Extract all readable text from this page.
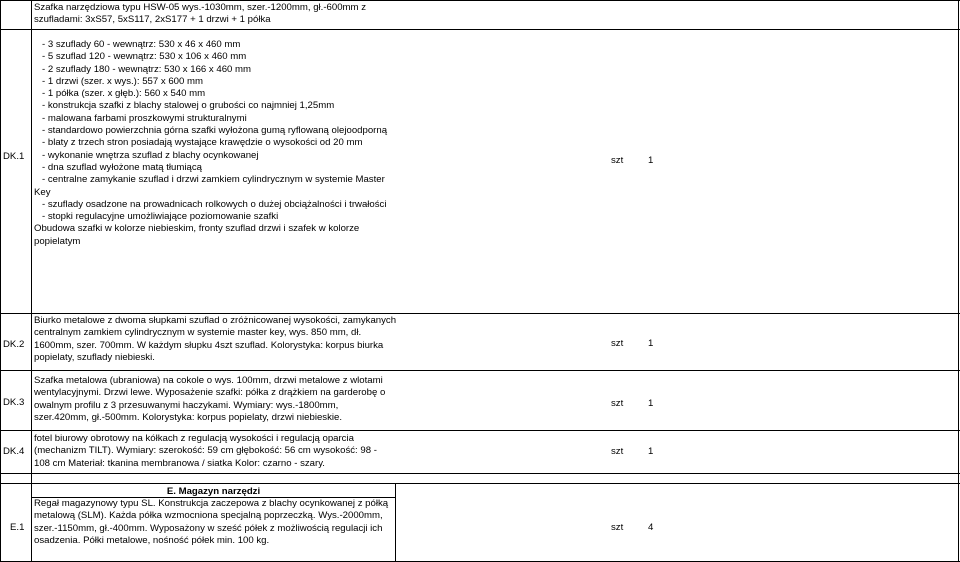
Szafka narzędziowa typu HSW-05 wys.-1030mm, szer.-1200mm, gł.-600mm z
szufladami: 3xS57, 5xS117, 2xS177 + 1 drzwi + 1 półka
DK.1
- 3 szuflady 60 - wewnątrz: 530 x 46 x 460 mm
- 5 szuflad 120 - wewnątrz: 530 x 106 x 460 mm
- 2 szuflady 180 - wewnątrz: 530 x 166 x 460 mm
- 1 drzwi (szer. x wys.): 557 x 600 mm
- 1 półka (szer. x głęb.): 560 x 540 mm
- konstrukcja szafki z blachy stalowej o grubości co najmniej 1,25mm
- malowana farbami proszkowymi strukturalnymi
- standardowo powierzchnia górna szafki wyłożona gumą ryflowaną olejoodporną
- blaty z trzech stron posiadają wystające krawędzie o wysokości od 20 mm
- wykonanie wnętrza szuflad z blachy ocynkowanej
- dna szuflad wyłożone matą tłumiącą
- centralne zamykanie szuflad i drzwi zamkiem cylindrycznym w systemie Master
Key
- szuflady osadzone na prowadnicach rolkowych o dużej obciążalności i trwałości
- stopki regulacyjne umożliwiające poziomowanie szafki
Obudowa szafki w kolorze niebieskim, fronty szuflad drzwi i szafek w kolorze
popielatym
szt	1
DK.2
Biurko metalowe z dwoma słupkami szuflad o zróżnicowanej wysokości, zamykanych
centralnym zamkiem cylindrycznym w systemie master key, wys. 850 mm, dł.
1600mm, szer. 700mm. W każdym słupku 4szt szuflad. Kolorystyka: korpus biurka
popielaty, szuflady niebieski.
szt	1
DK.3
Szafka metalowa (ubraniowa) na cokole o wys. 100mm, drzwi metalowe z wlotami
wentylacyjnymi. Drzwi lewe. Wyposażenie szafki: półka z drążkiem na garderobę o
owalnym profilu z 3 przesuwanymi haczykami. Wymiary: wys.-1800mm,
szer.420mm, gł.-500mm. Kolorystyka: korpus popielaty, drzwi niebieskie.
szt	1
DK.4
fotel biurowy obrotowy na kółkach z regulacją wysokości i regulacją oparcia
(mechanizm TILT). Wymiary: szerokość: 59 cm głębokość: 56 cm wysokość: 98 -
108 cm Materiał: tkanina membranowa / siatka Kolor: czarno - szary.
szt	1
E. Magazyn narzędzi
E.1
Regał magazynowy typu SL. Konstrukcja zaczepowa z blachy ocynkowanej z półką
metalową (SLM). Każda półka wzmocniona specjalną poprzeczką. Wys.-2000mm,
szer.-1150mm, gł.-400mm. Wyposażony w sześć półek z możliwością regulacji ich
osadzenia. Półki metalowe, nośność półek min. 100 kg.
szt	4
